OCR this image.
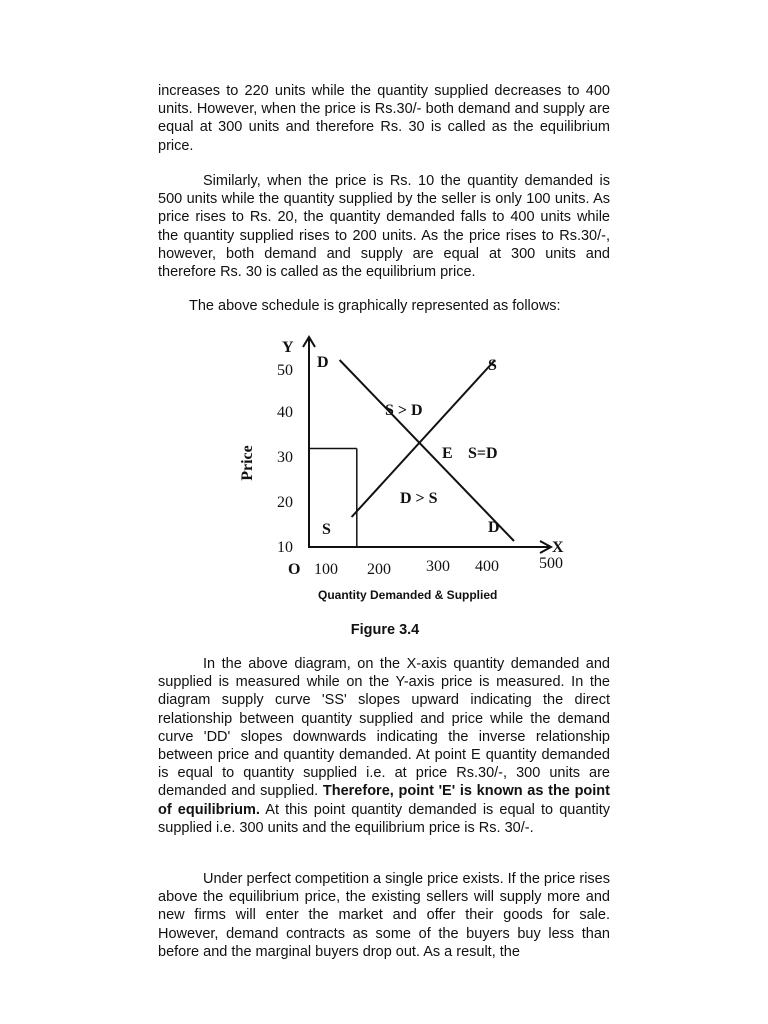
increases to 220 units while the quantity supplied decreases to 400 units. However, when the price is Rs.30/- both demand and supply are equal at 300 units and therefore Rs. 30 is called as the equilibrium price.

Similarly, when the price is Rs. 10 the quantity demanded is 500 units while the quantity supplied by the seller is only 100 units. As price rises to Rs. 20, the quantity demanded falls to 400 units while the quantity supplied rises to 200 units. As the price rises to Rs.30/-, however, both demand and supply are equal at 300 units and therefore Rs. 30 is called as the equilibrium price.

The above schedule is graphically represented as follows:

Y
X
O
Price
50
40
30
20
10
100 200 300 400	500
D
D
S
S
S > D
D > S
E S=D
Quantity Demanded & Supplied
Figure 3.4

In the above diagram, on the X-axis quantity demanded and supplied is measured while on the Y-axis price is measured. In the diagram supply curve 'SS' slopes upward indicating the direct relationship between quantity supplied and price while the demand curve 'DD' slopes downwards indicating the inverse relationship between price and quantity demanded. At point E quantity demanded is equal to quantity supplied i.e. at price Rs.30/-, 300 units are demanded and supplied. Therefore, point 'E' is known as the point of equilibrium. At this point quantity demanded is equal to quantity supplied i.e. 300 units and the equilibrium price is Rs. 30/-.

Under perfect competition a single price exists. If the price rises above the equilibrium price, the existing sellers will supply more and new firms will enter the market and offer their goods for sale. However, demand contracts as some of the buyers buy less than before and the marginal buyers drop out. As a result, the
